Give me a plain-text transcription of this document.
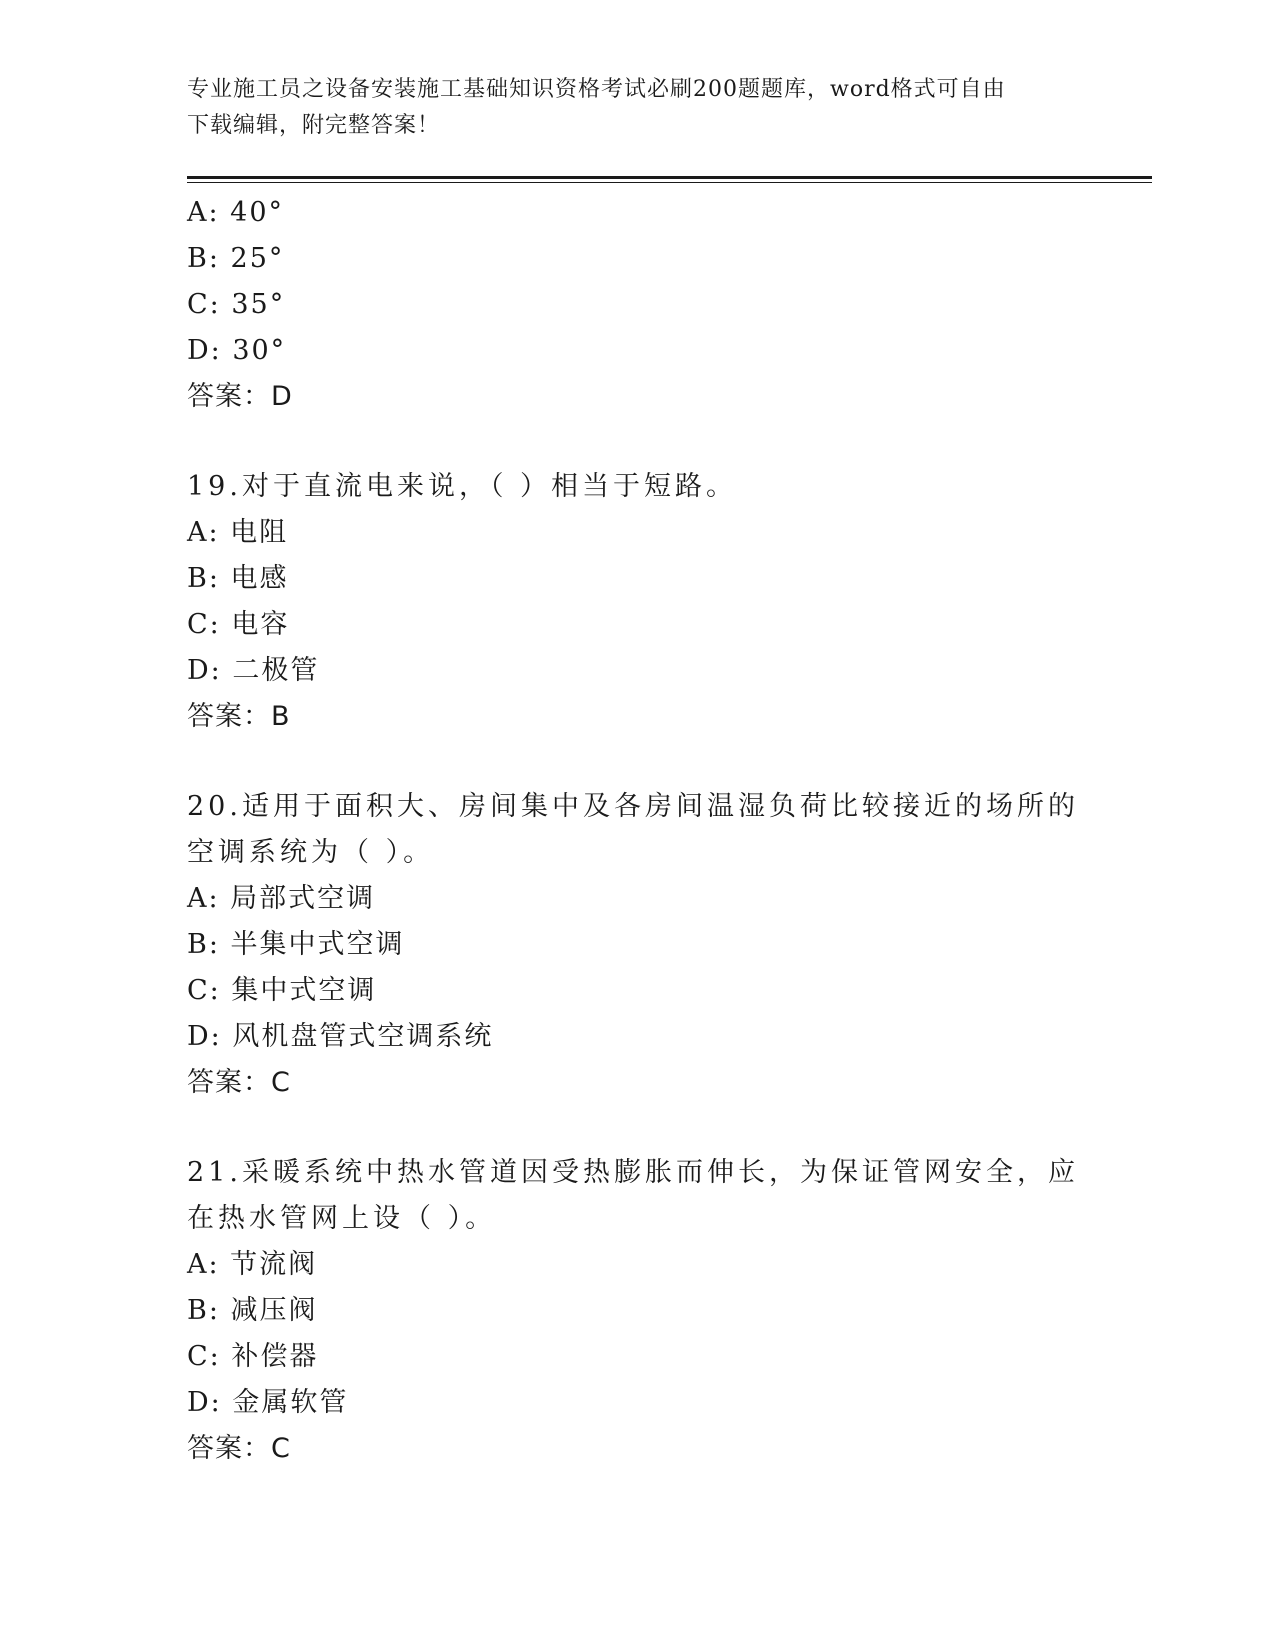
专业施工员之设备安装施工基础知识资格考试必刷200题题库，word格式可自由
下载编辑，附完整答案！
A: 40°
B: 25°
C: 35°
D: 30°
答案：D
19.对于直流电来说，（ ）相当于短路。
A: 电阻
B: 电感
C: 电容
D: 二极管
答案：B
20.适用于面积大、房间集中及各房间温湿负荷比较接近的场所的空调系统为（ ）。
A: 局部式空调
B: 半集中式空调
C: 集中式空调
D: 风机盘管式空调系统
答案：C
21.采暖系统中热水管道因受热膨胀而伸长，为保证管网安全，应在热水管网上设（ ）。
A: 节流阀
B: 减压阀
C: 补偿器
D: 金属软管
答案：C
